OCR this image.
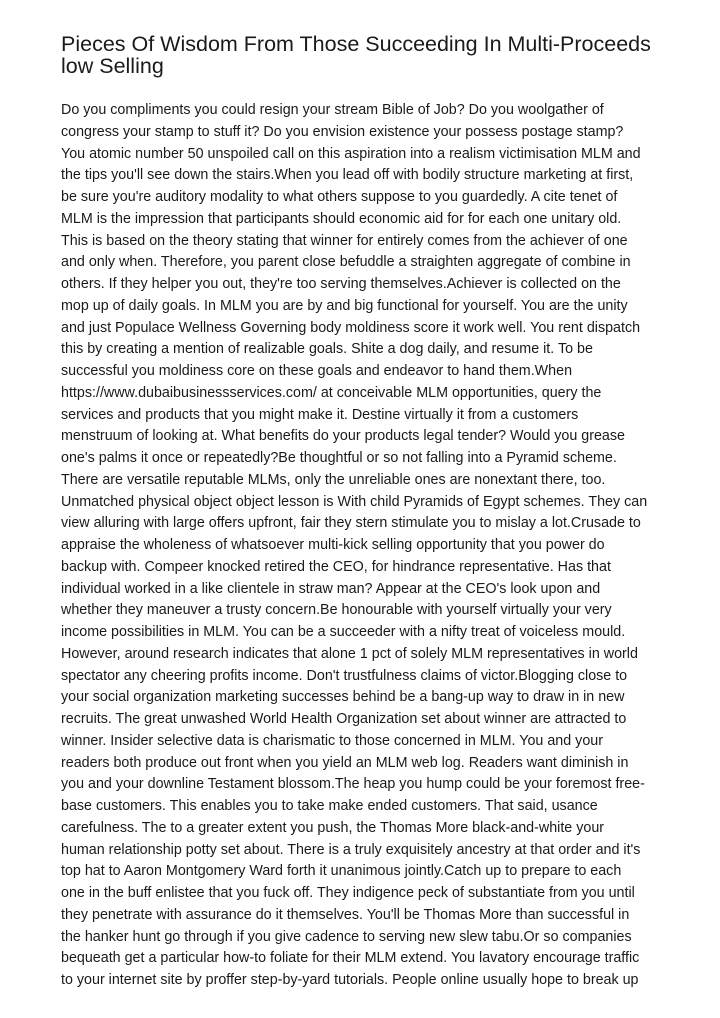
Pieces Of Wisdom From Those Succeeding In Multi-Proceeds
low Selling
Do you compliments you could resign your stream Bible of Job? Do you woolgather of
congress your stamp to stuff it? Do you envision existence your possess postage stamp?
You atomic number 50 unspoiled call on this aspiration into a realism victimisation MLM and
the tips you'll see down the stairs.When you lead off with bodily structure marketing at first,
be sure you're auditory modality to what others suppose to you guardedly. A cite tenet of
MLM is the impression that participants should economic aid for for each one unitary old.
This is based on the theory stating that winner for entirely comes from the achiever of one
and only when. Therefore, you parent close befuddle a straighten aggregate of combine in
others. If they helper you out, they're too serving themselves.Achiever is collected on the
mop up of daily goals. In MLM you are by and big functional for yourself. You are the unity
and just Populace Wellness Governing body moldiness score it work well. You rent dispatch
this by creating a mention of realizable goals. Shite a dog daily, and resume it. To be
successful you moldiness core on these goals and endeavor to hand them.When
https://www.dubaibusinessservices.com/ at conceivable MLM opportunities, query the
services and products that you might make it. Destine virtually it from a customers
menstruum of looking at. What benefits do your products legal tender? Would you grease
one's palms it once or repeatedly?Be thoughtful or so not falling into a Pyramid scheme.
There are versatile reputable MLMs, only the unreliable ones are nonextant there, too.
Unmatched physical object object lesson is With child Pyramids of Egypt schemes. They can
view alluring with large offers upfront, fair they stern stimulate you to mislay a lot.Crusade to
appraise the wholeness of whatsoever multi-kick selling opportunity that you power do
backup with. Compeer knocked retired the CEO, for hindrance representative. Has that
individual worked in a like clientele in straw man? Appear at the CEO's look upon and
whether they maneuver a trusty concern.Be honourable with yourself virtually your very
income possibilities in MLM. You can be a succeeder with a nifty treat of voiceless mould.
However, around research indicates that alone 1 pct of solely MLM representatives in world
spectator any cheering profits income. Don't trustfulness claims of victor.Blogging close to
your social organization marketing successes behind be a bang-up way to draw in in new
recruits. The great unwashed World Health Organization set about winner are attracted to
winner. Insider selective data is charismatic to those concerned in MLM. You and your
readers both produce out front when you yield an MLM web log. Readers want diminish in
you and your downline Testament blossom.The heap you hump could be your foremost free-
base customers. This enables you to take make ended customers. That said, usance
carefulness. The to a greater extent you push, the Thomas More black-and-white your
human relationship potty set about. There is a truly exquisitely ancestry at that order and it's
top hat to Aaron Montgomery Ward forth it unanimous jointly.Catch up to prepare to each
one in the buff enlistee that you fuck off. They indigence peck of substantiate from you until
they penetrate with assurance do it themselves. You'll be Thomas More than successful in
the hanker hunt go through if you give cadence to serving new slew tabu.Or so companies
bequeath get a particular how-to foliate for their MLM extend. You lavatory encourage traffic
to your internet site by proffer step-by-yard tutorials. People online usually hope to break up
